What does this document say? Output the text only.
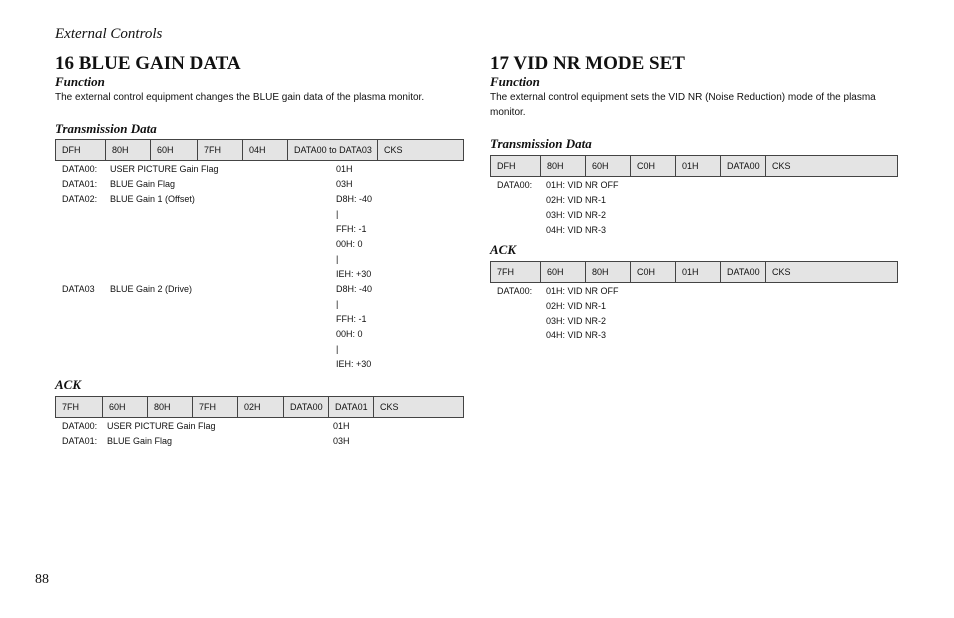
External Controls
16 BLUE GAIN DATA
Function
The external control equipment changes the BLUE gain data of the plasma monitor.
Transmission Data
DFH	80H	60H	7FH	04H	DATA00 to DATA03	CKS
DATA00: USER PICTURE Gain Flag	01H
DATA01: BLUE Gain Flag	03H
DATA02: BLUE Gain 1 (Offset)	D8H: -40
|
FFH: -1
00H: 0
|
IEH: +30
DATA03 BLUE Gain 2 (Drive)	D8H: -40
|
FFH: -1
00H: 0
|
IEH: +30
ACK
7FH	60H	80H	7FH	02H	DATA00	DATA01	CKS
DATA00: USER PICTURE Gain Flag	01H
DATA01: BLUE Gain Flag	03H
17 VID NR MODE SET
Function
The external control equipment sets the VID NR (Noise Reduction) mode of the plasma
monitor.
Transmission Data
DFH	80H	60H	C0H	01H	DATA00	CKS
DATA00: 01H: VID NR OFF
02H: VID NR-1
03H: VID NR-2
04H: VID NR-3
ACK
7FH	60H	80H	C0H	01H	DATA00	CKS
DATA00: 01H: VID NR OFF
02H: VID NR-1
03H: VID NR-2
04H: VID NR-3
88
